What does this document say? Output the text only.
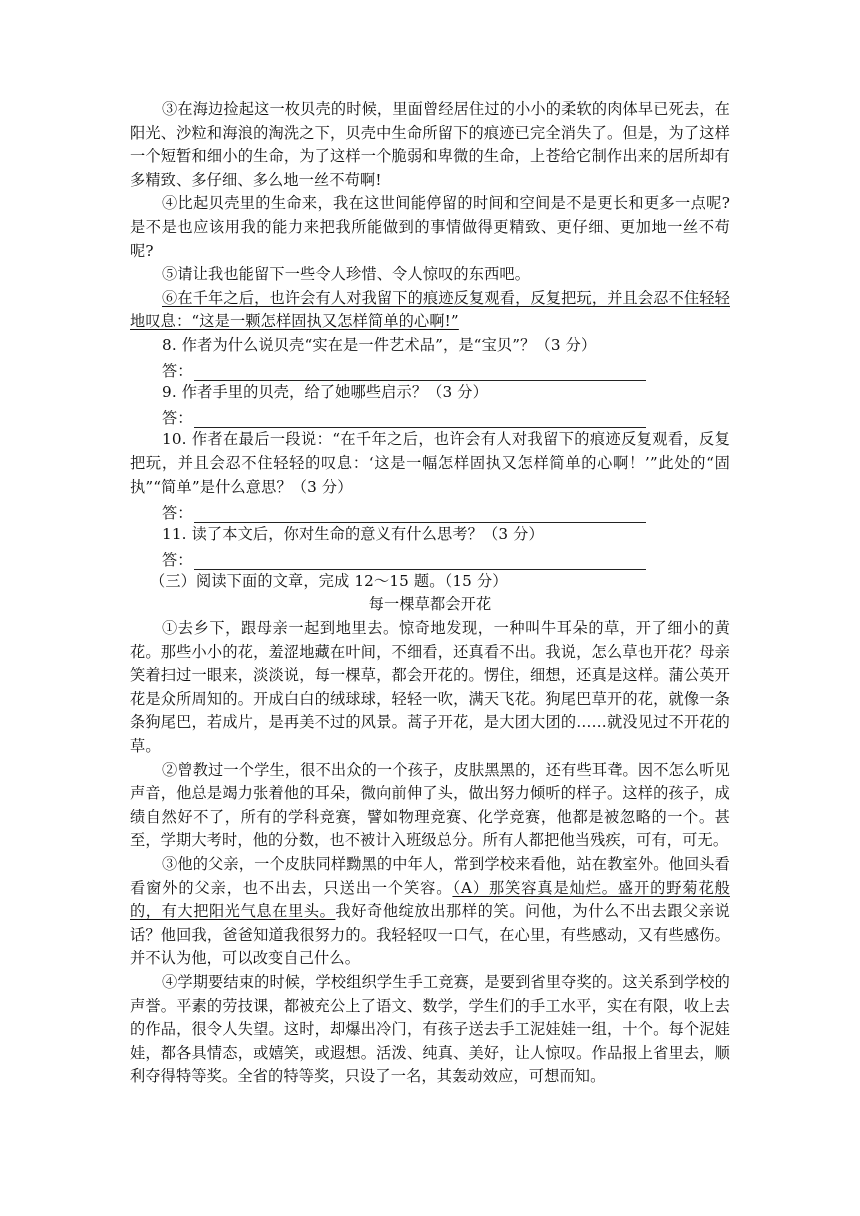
③在海边捡起这一枚贝壳的时候，里面曾经居住过的小小的柔软的肉体早已死去，在阳光、沙粒和海浪的淘洗之下，贝壳中生命所留下的痕迹已完全消失了。但是，为了这样一个短暂和细小的生命，为了这样一个脆弱和卑微的生命，上苍给它制作出来的居所却有多精致、多仔细、多么地一丝不苟啊!

④比起贝壳里的生命来，我在这世间能停留的时间和空间是不是更长和更多一点呢?是不是也应该用我的能力来把我所能做到的事情做得更精致、更仔细、更加地一丝不苟呢?

⑤请让我也能留下一些令人珍惜、令人惊叹的东西吧。

⑥在千年之后，也许会有人对我留下的痕迹反复观看，反复把玩，并且会忍不住轻轻地叹息：“这是一颗怎样固执又怎样简单的心啊!”

8. 作者为什么说贝壳“实在是一件艺术品”，是“宝贝”？（3 分）

答：

9. 作者手里的贝壳，给了她哪些启示？（3 分）

答：

10. 作者在最后一段说：“在千年之后，也许会有人对我留下的痕迹反复观看，反复把玩，并且会忍不住轻轻的叹息：‘这是一幅怎样固执又怎样简单的心啊！’”此处的“固执”“简单”是什么意思？（3 分）

答：

11. 读了本文后，你对生命的意义有什么思考？（3 分）

答：

（三）阅读下面的文章，完成 12～15 题。（15 分）

每一棵草都会开花

①去乡下，跟母亲一起到地里去。惊奇地发现，一种叫牛耳朵的草，开了细小的黄花。那些小小的花，羞涩地藏在叶间，不细看，还真看不出。我说，怎么草也开花？母亲笑着扫过一眼来，淡淡说，每一棵草，都会开花的。愣住，细想，还真是这样。蒲公英开花是众所周知的。开成白白的绒球球，轻轻一吹，满天飞花。狗尾巴草开的花，就像一条条狗尾巴，若成片，是再美不过的风景。蒿子开花，是大团大团的……就没见过不开花的草。

②曾教过一个学生，很不出众的一个孩子，皮肤黑黑的，还有些耳聋。因不怎么听见声音，他总是竭力张着他的耳朵，微向前伸了头，做出努力倾听的样子。这样的孩子，成绩自然好不了，所有的学科竞赛，譬如物理竞赛、化学竞赛，他都是被忽略的一个。甚至，学期大考时，他的分数，也不被计入班级总分。所有人都把他当残疾，可有，可无。

③他的父亲，一个皮肤同样黝黑的中年人，常到学校来看他，站在教室外。他回头看看窗外的父亲，也不出去，只送出一个笑容。（A）那笑容真是灿烂。盛开的野菊花般的，有大把阳光气息在里头。我好奇他绽放出那样的笑。问他，为什么不出去跟父亲说话？他回我，爸爸知道我很努力的。我轻轻叹一口气，在心里，有些感动，又有些感伤。并不认为他，可以改变自己什么。

④学期要结束的时候，学校组织学生手工竞赛，是要到省里夺奖的。这关系到学校的声誉。平素的劳技课，都被充公上了语文、数学，学生们的手工水平，实在有限，收上去的作品，很令人失望。这时，却爆出冷门，有孩子送去手工泥娃娃一组，十个。每个泥娃娃，都各具情态，或嬉笑，或遐想。活泼、纯真、美好，让人惊叹。作品报上省里去，顺利夺得特等奖。全省的特等奖，只设了一名，其轰动效应，可想而知。
